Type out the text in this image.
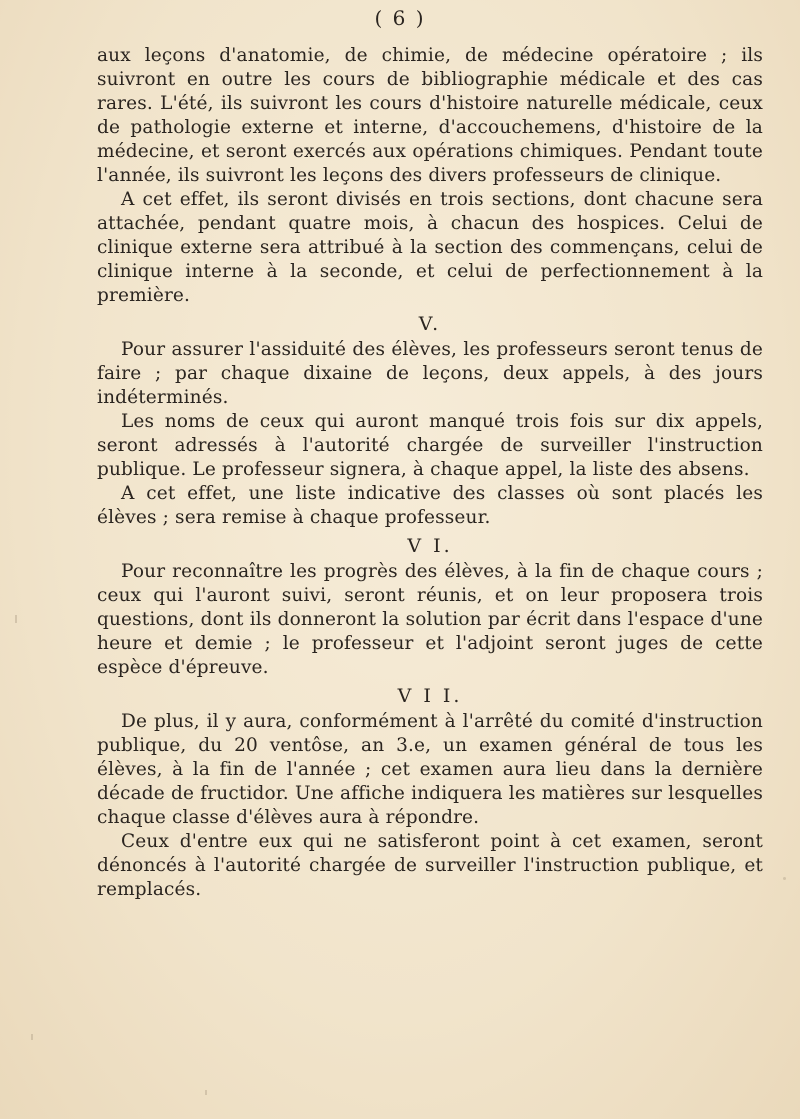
( 6 )

aux leçons d'anatomie, de chimie, de médecine opératoire ; ils suivront en outre les cours de bibliographie médicale et des cas rares. L'été, ils suivront les cours d'histoire naturelle médicale, ceux de pathologie externe et interne, d'accouchemens, d'histoire de la médecine, et seront exercés aux opérations chimiques. Pendant toute l'année, ils suivront les leçons des divers professeurs de clinique.

A cet effet, ils seront divisés en trois sections, dont chacune sera attachée, pendant quatre mois, à chacun des hospices. Celui de clinique externe sera attribué à la section des commençans, celui de clinique interne à la seconde, et celui de perfectionnement à la première.

V.

Pour assurer l'assiduité des élèves, les professeurs seront tenus de faire ; par chaque dixaine de leçons, deux appels, à des jours indéterminés.

Les noms de ceux qui auront manqué trois fois sur dix appels, seront adressés à l'autorité chargée de surveiller l'instruction publique. Le professeur signera, à chaque appel, la liste des absens.

A cet effet, une liste indicative des classes où sont placés les élèves ; sera remise à chaque professeur.

V I.

Pour reconnaître les progrès des élèves, à la fin de chaque cours ; ceux qui l'auront suivi, seront réunis, et on leur proposera trois questions, dont ils donneront la solution par écrit dans l'espace d'une heure et demie ; le professeur et l'adjoint seront juges de cette espèce d'épreuve.

V I I.

De plus, il y aura, conformément à l'arrêté du comité d'instruction publique, du 20 ventôse, an 3.e, un examen général de tous les élèves, à la fin de l'année ; cet examen aura lieu dans la dernière décade de fructidor. Une affiche indiquera les matières sur lesquelles chaque classe d'élèves aura à répondre.

Ceux d'entre eux qui ne satisferont point à cet examen, seront dénoncés à l'autorité chargée de surveiller l'instruction publique, et remplacés.
